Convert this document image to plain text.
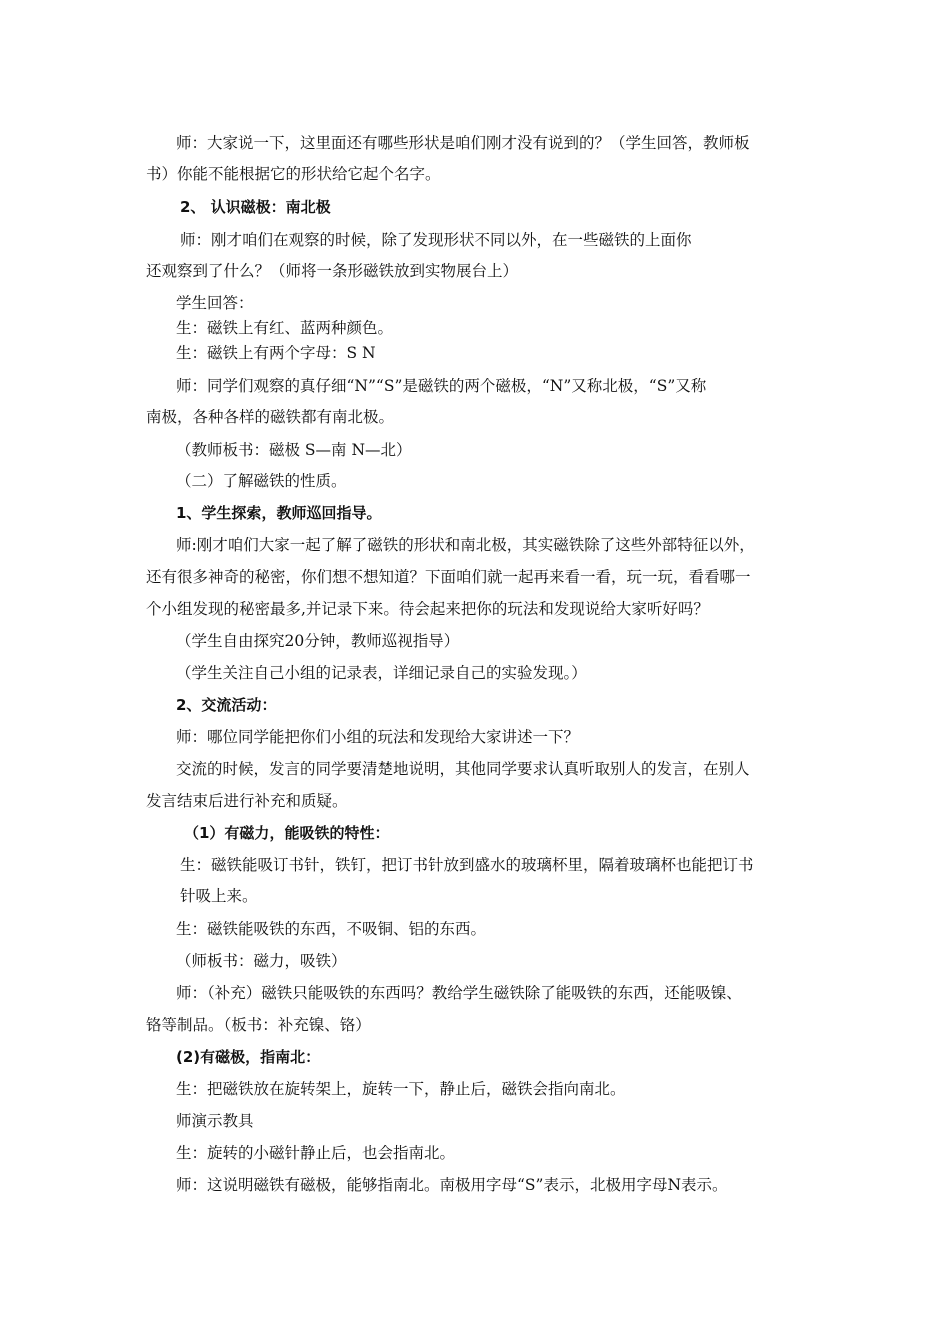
师：大家说一下，这里面还有哪些形状是咱们刚才没有说到的？（学生回答，教师板
书）你能不能根据它的形状给它起个名字。
2、 认识磁极：南北极
师：刚才咱们在观察的时候，除了发现形状不同以外，在一些磁铁的上面你
还观察到了什么？（师将一条形磁铁放到实物展台上）
学生回答：
生：磁铁上有红、蓝两种颜色。
生：磁铁上有两个字母：S N
师：同学们观察的真仔细“N”“S”是磁铁的两个磁极，“N”又称北极，“S”又称
南极，各种各样的磁铁都有南北极。
（教师板书：磁极 S—南 N—北）
（二）了解磁铁的性质。
1、学生探索，教师巡回指导。
师:刚才咱们大家一起了解了磁铁的形状和南北极，其实磁铁除了这些外部特征以外，
还有很多神奇的秘密，你们想不想知道？下面咱们就一起再来看一看，玩一玩，看看哪一
个小组发现的秘密最多,并记录下来。待会起来把你的玩法和发现说给大家听好吗？
（学生自由探究20分钟，教师巡视指导）
（学生关注自己小组的记录表，详细记录自己的实验发现。）
2、交流活动：
师：哪位同学能把你们小组的玩法和发现给大家讲述一下？
交流的时候，发言的同学要清楚地说明，其他同学要求认真听取别人的发言，在别人
发言结束后进行补充和质疑。
（1）有磁力，能吸铁的特性：
生：磁铁能吸订书针，铁钉，把订书针放到盛水的玻璃杯里，隔着玻璃杯也能把订书
针吸上来。
生：磁铁能吸铁的东西，不吸铜、铝的东西。
（师板书：磁力，吸铁）
师：（补充）磁铁只能吸铁的东西吗？教给学生磁铁除了能吸铁的东西，还能吸镍、
铬等制品。（板书：补充镍、铬）
(2)有磁极，指南北：
生：把磁铁放在旋转架上，旋转一下，静止后，磁铁会指向南北。
师演示教具
生：旋转的小磁针静止后，也会指南北。
师：这说明磁铁有磁极，能够指南北。南极用字母“S”表示，北极用字母N表示。
